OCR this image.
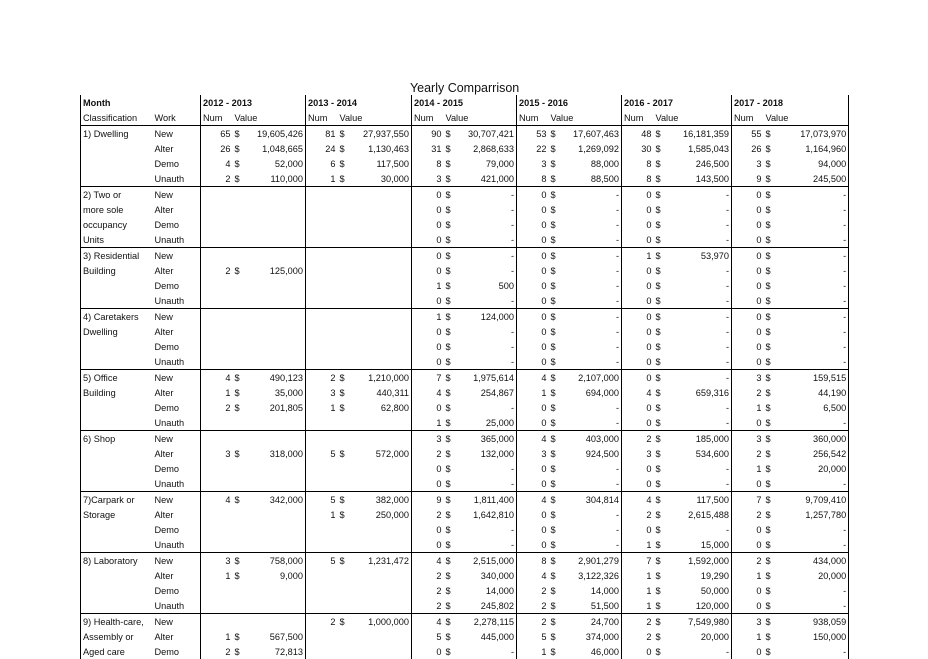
Yearly Comparrison																			
Month		2012 - 2013			2013 - 2014			2014 - 2015			2015 - 2016			2016 - 2017			2017 - 2018		
Classification	Work	Num	Value		Num	Value		Num	Value		Num	Value		Num	Value		Num	Value	
1) Dwelling	New	65	$	19,605,426	81	$	27,937,550	90	$	30,707,421	53	$	17,607,463	48	$	16,181,359	55	$	17,073,970
	Alter	26	$	1,048,665	24	$	1,130,463	31	$	2,868,633	22	$	1,269,092	30	$	1,585,043	26	$	1,164,960
	Demo	4	$	52,000	6	$	117,500	8	$	79,000	3	$	88,000	8	$	246,500	3	$	94,000
	Unauth	2	$	110,000	1	$	30,000	3	$	421,000	8	$	88,500	8	$	143,500	9	$	245,500
2) Two or	New							0	$	-	0	$	-	0	$	-	0	$	-
more sole	Alter							0	$	-	0	$	-	0	$	-	0	$	-
occupancy	Demo							0	$	-	0	$	-	0	$	-	0	$	-
Units	Unauth							0	$	-	0	$	-	0	$	-	0	$	-
3) Residential	New							0	$	-	0	$	-	1	$	53,970	0	$	-
Building	Alter	2	$	125,000				0	$	-	0	$	-	0	$	-	0	$	-
	Demo							1	$	500	0	$	-	0	$	-	0	$	-
	Unauth							0	$	-	0	$	-	0	$	-	0	$	-
4) Caretakers	New							1	$	124,000	0	$	-	0	$	-	0	$	-
Dwelling	Alter							0	$	-	0	$	-	0	$	-	0	$	-
	Demo							0	$	-	0	$	-	0	$	-	0	$	-
	Unauth							0	$	-	0	$	-	0	$	-	0	$	-
5) Office	New	4	$	490,123	2	$	1,210,000	7	$	1,975,614	4	$	2,107,000	0	$	-	3	$	159,515
Building	Alter	1	$	35,000	3	$	440,311	4	$	254,867	1	$	694,000	4	$	659,316	2	$	44,190
	Demo	2	$	201,805	1	$	62,800	0	$	-	0	$	-	0	$	-	1	$	6,500
	Unauth							1	$	25,000	0	$	-	0	$	-	0	$	-
6) Shop	New							3	$	365,000	4	$	403,000	2	$	185,000	3	$	360,000
	Alter	3	$	318,000	5	$	572,000	2	$	132,000	3	$	924,500	3	$	534,600	2	$	256,542
	Demo							0	$	-	0	$	-	0	$	-	1	$	20,000
	Unauth							0	$	-	0	$	-	0	$	-	0	$	-
7)Carpark or	New	4	$	342,000	5	$	382,000	9	$	1,811,400	4	$	304,814	4	$	117,500	7	$	9,709,410
Storage	Alter				1	$	250,000	2	$	1,642,810	0	$	-	2	$	2,615,488	2	$	1,257,780
	Demo							0	$	-	0	$	-	0	$	-	0	$	-
	Unauth							0	$	-	0	$	-	1	$	15,000	0	$	-
8) Laboratory	New	3	$	758,000	5	$	1,231,472	4	$	2,515,000	8	$	2,901,279	7	$	1,592,000	2	$	434,000
	Alter	1	$	9,000				2	$	340,000	4	$	3,122,326	1	$	19,290	1	$	20,000
	Demo							2	$	14,000	2	$	14,000	1	$	50,000	0	$	-
	Unauth							2	$	245,802	2	$	51,500	1	$	120,000	0	$	-
9) Health-care,	New				2	$	1,000,000	4	$	2,278,115	2	$	24,700	2	$	7,549,980	3	$	938,059
Assembly or	Alter	1	$	567,500				5	$	445,000	5	$	374,000	2	$	20,000	1	$	150,000
Aged care	Demo	2	$	72,813				0	$	-	1	$	46,000	0	$	-	0	$	-
